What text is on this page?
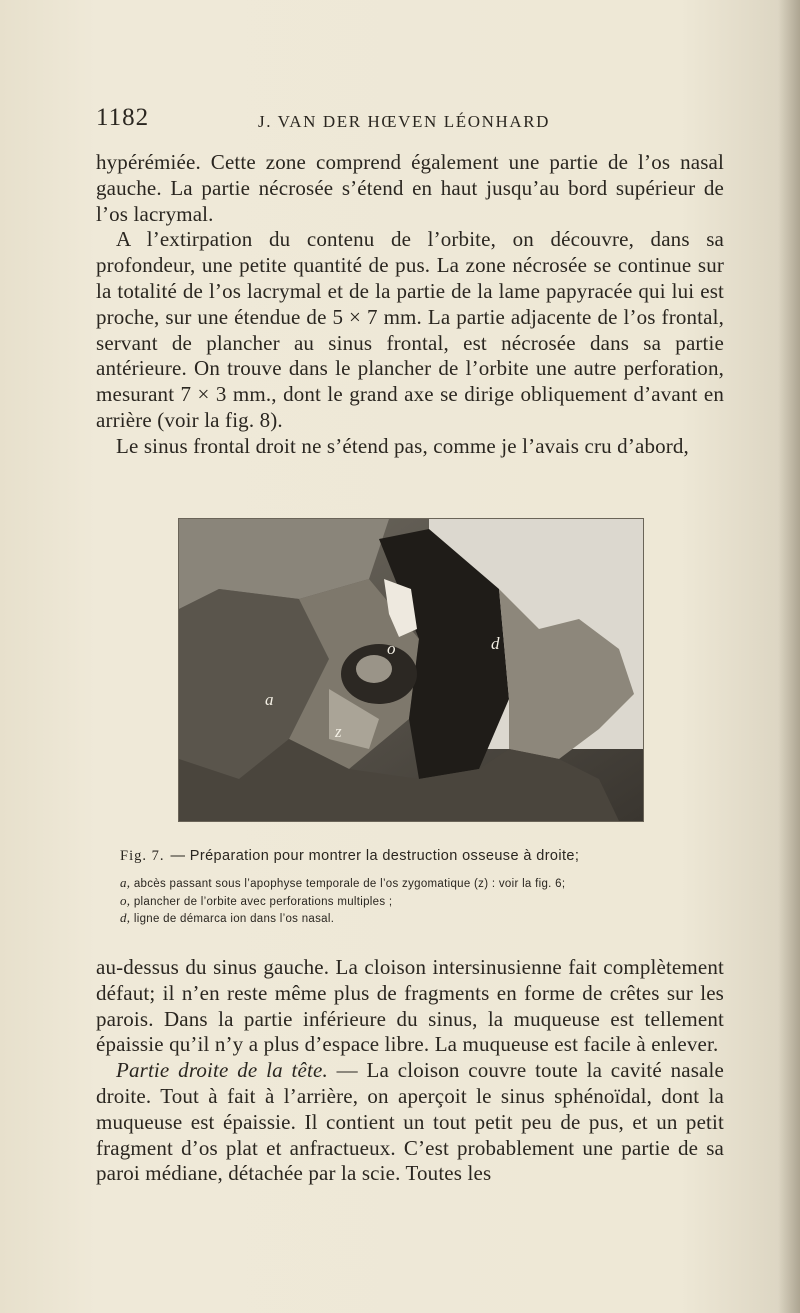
1182	J. VAN DER HŒVEN LÉONHARD

hypérémiée. Cette zone comprend également une partie de l’os nasal gauche. La partie nécrosée s’étend en haut jusqu’au bord supérieur de l’os lacrymal.

A l’extirpation du contenu de l’orbite, on découvre, dans sa profondeur, une petite quantité de pus. La zone nécrosée se continue sur la totalité de l’os lacrymal et de la partie de la lame papyracée qui lui est proche, sur une étendue de 5 × 7 mm. La partie adjacente de l’os frontal, servant de plancher au sinus frontal, est nécrosée dans sa partie antérieure. On trouve dans le plancher de l’orbite une autre perforation, mesurant 7 × 3 mm., dont le grand axe se dirige obliquement d’avant en arrière (voir la fig. 8).

Le sinus frontal droit ne s’étend pas, comme je l’avais cru d’abord,

o	d
a
z

Fig. 7. — Préparation pour montrer la destruction osseuse à droite;

a, abcès passant sous l’apophyse temporale de l’os zygomatique (z) : voir la fig. 6;

o, plancher de l’orbite avec perforations multiples ;

d, ligne de démarca ion dans l’os nasal.

au-dessus du sinus gauche. La cloison intersinusienne fait complètement défaut; il n’en reste même plus de fragments en forme de crêtes sur les parois. Dans la partie inférieure du sinus, la muqueuse est tellement épaissie qu’il n’y a plus d’espace libre. La muqueuse est facile à enlever.

Partie droite de la tête. — La cloison couvre toute la cavité nasale droite. Tout à fait à l’arrière, on aperçoit le sinus sphénoïdal, dont la muqueuse est épaissie. Il contient un tout petit peu de pus, et un petit fragment d’os plat et anfractueux. C’est probablement une partie de sa paroi médiane, détachée par la scie. Toutes les
